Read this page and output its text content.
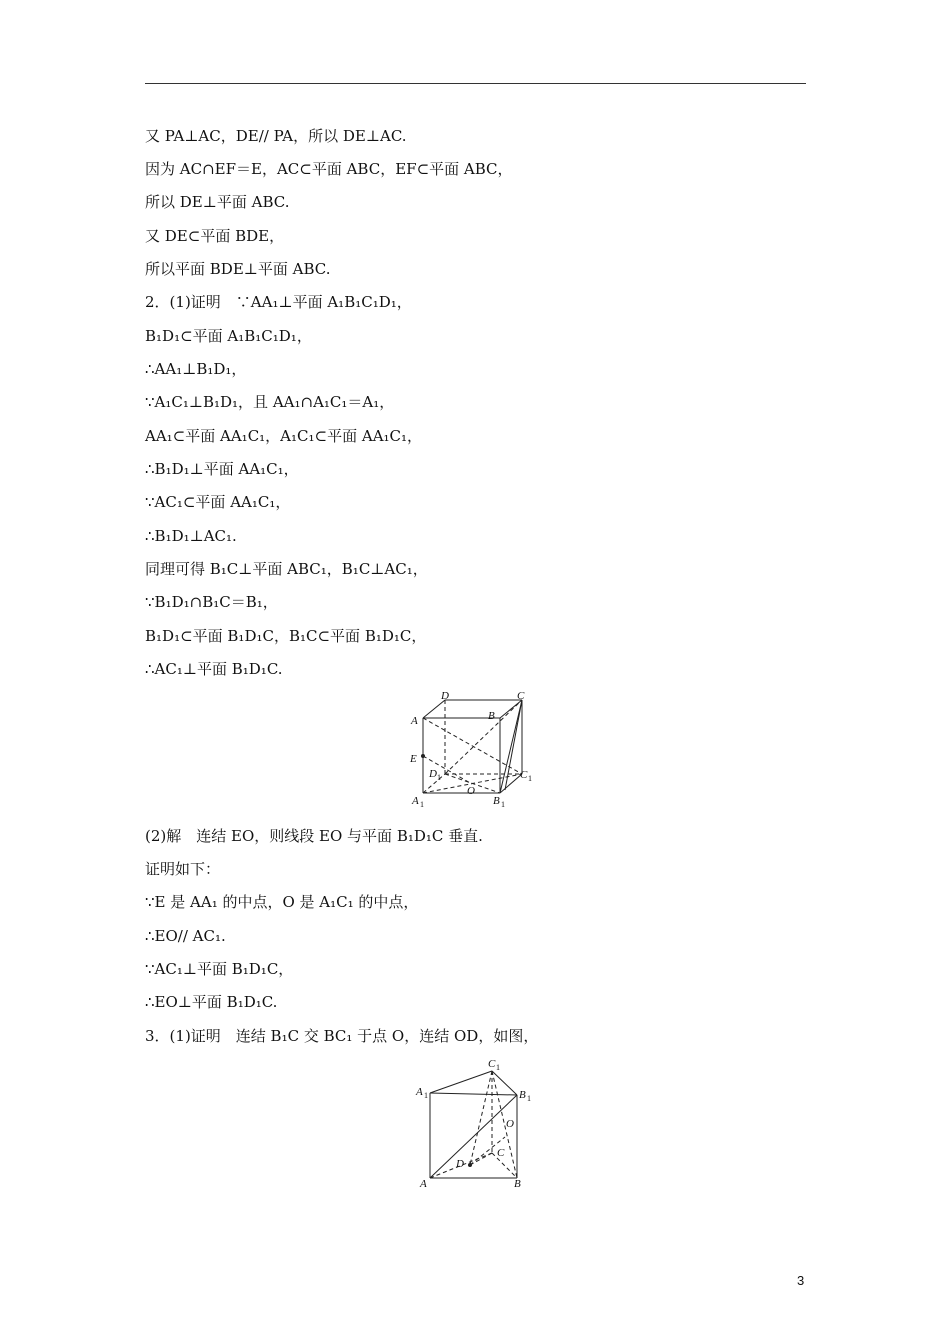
又 PA⊥AC，DE// PA，所以 DE⊥AC.
因为 AC∩EF＝E，AC⊂平面 ABC，EF⊂平面 ABC，
所以 DE⊥平面 ABC.
又 DE⊂平面 BDE，
所以平面 BDE⊥平面 ABC.
2．(1)证明　∵AA₁⊥平面 A₁B₁C₁D₁，
B₁D₁⊂平面 A₁B₁C₁D₁，
∴AA₁⊥B₁D₁，
∵A₁C₁⊥B₁D₁，且 AA₁∩A₁C₁＝A₁，
AA₁⊂平面 AA₁C₁，A₁C₁⊂平面 AA₁C₁，
∴B₁D₁⊥平面 AA₁C₁，
∵AC₁⊂平面 AA₁C₁，
∴B₁D₁⊥AC₁.
同理可得 B₁C⊥平面 ABC₁，B₁C⊥AC₁，
∵B₁D₁∩B₁C＝B₁，
B₁D₁⊂平面 B₁D₁C，B₁C⊂平面 B₁D₁C，
∴AC₁⊥平面 B₁D₁C.
D	C
A	B
E
D 1	C 1
A 1
O
B 1
(2)解　连结 EO，则线段 EO 与平面 B₁D₁C 垂直.
证明如下：
∵E 是 AA₁ 的中点，O 是 A₁C₁ 的中点，
∴EO// AC₁.
∵AC₁⊥平面 B₁D₁C，
∴EO⊥平面 B₁D₁C.
3．(1)证明　连结 B₁C 交 BC₁ 于点 O，连结 OD，如图，
C 1
A 1	B 1
O
D
C
A	B
3
